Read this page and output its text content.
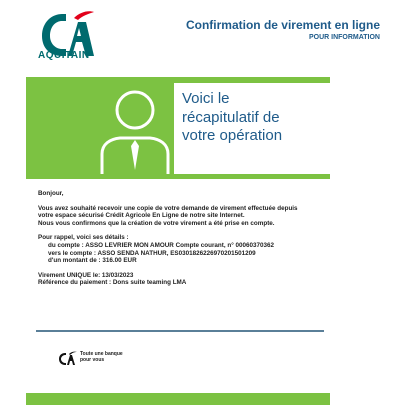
AQUITAIN
Confirmation de virement en ligne
POUR INFORMATION
Voici le
récapitulatif de
votre opération

Bonjour,

Vous avez souhaité recevoir une copie de votre demande de virement effectuée depuis

votre espace sécurisé Crédit Agricole En Ligne de notre site Internet.

Nous vous confirmons que la création de votre virement a été prise en compte.

Pour rappel, voici ses détails :

du compte : ASSO LEVRIER MON AMOUR Compte courant, n° 00060370362

vers le compte : ASSO SENDA NATHUR, ES0301826226970201501209

d'un montant de : 316.00 EUR

Virement UNIQUE le: 13/03/2023

Référence du paiement : Dons suite teaming LMA

Toute une banque
pour vous
